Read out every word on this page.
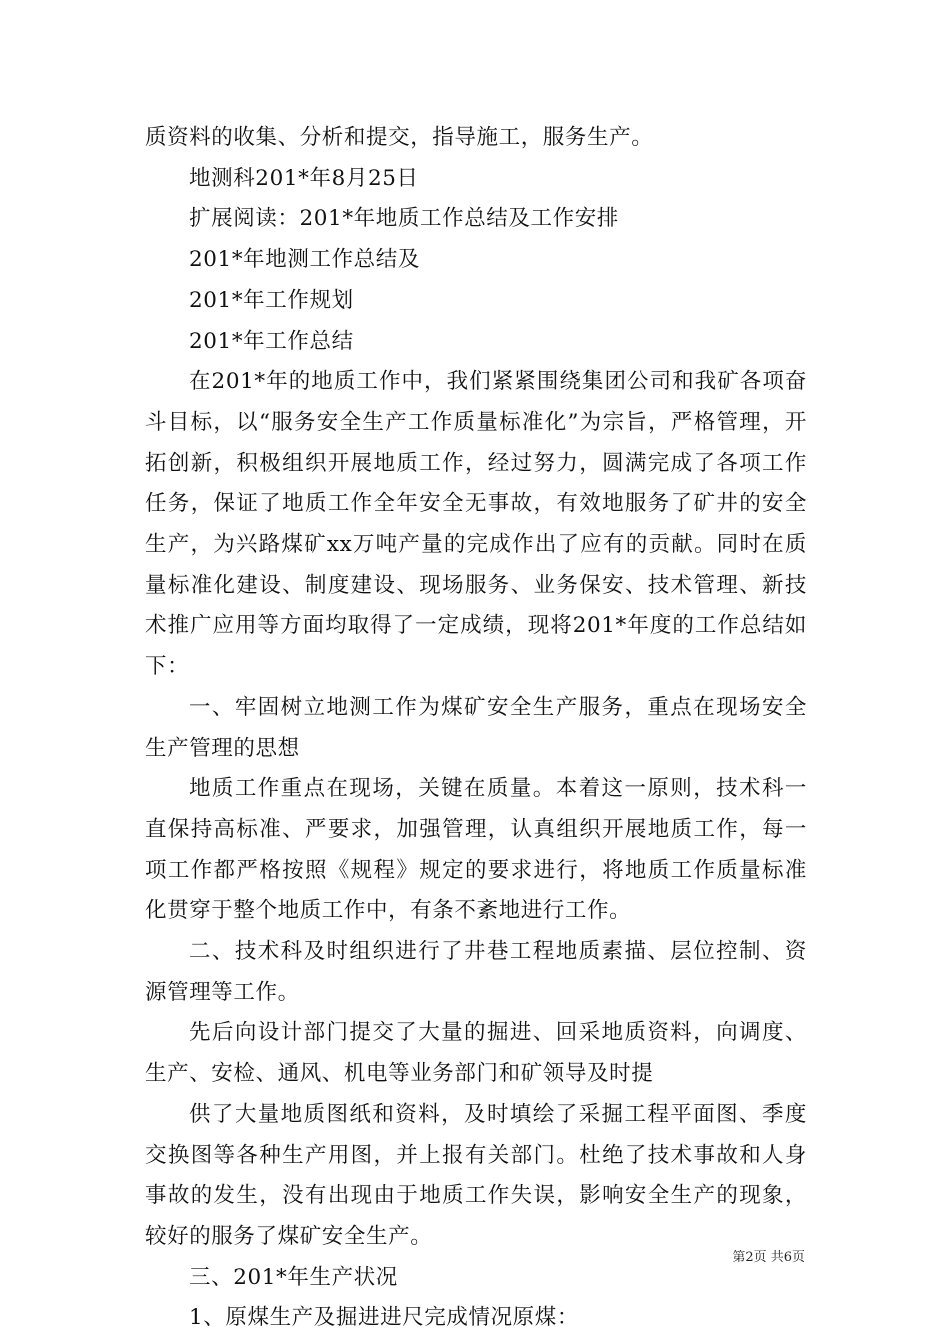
质资料的收集、分析和提交，指导施工，服务生产。

地测科201*年8月25日

扩展阅读：201*年地质工作总结及工作安排

201*年地测工作总结及

201*年工作规划

201*年工作总结

在201*年的地质工作中，我们紧紧围绕集团公司和我矿各项奋斗目标，以“服务安全生产工作质量标准化”为宗旨，严格管理，开拓创新，积极组织开展地质工作，经过努力，圆满完成了各项工作任务，保证了地质工作全年安全无事故，有效地服务了矿井的安全生产，为兴路煤矿xx万吨产量的完成作出了应有的贡献。同时在质量标准化建设、制度建设、现场服务、业务保安、技术管理、新技术推广应用等方面均取得了一定成绩，现将201*年度的工作总结如下：

一、牢固树立地测工作为煤矿安全生产服务，重点在现场安全生产管理的思想

地质工作重点在现场，关键在质量。本着这一原则，技术科一直保持高标准、严要求，加强管理，认真组织开展地质工作，每一项工作都严格按照《规程》规定的要求进行，将地质工作质量标准化贯穿于整个地质工作中，有条不紊地进行工作。

二、技术科及时组织进行了井巷工程地质素描、层位控制、资源管理等工作。

先后向设计部门提交了大量的掘进、回采地质资料，向调度、生产、安检、通风、机电等业务部门和矿领导及时提

供了大量地质图纸和资料，及时填绘了采掘工程平面图、季度交换图等各种生产用图，并上报有关部门。杜绝了技术事故和人身事故的发生，没有出现由于地质工作失误，影响安全生产的现象，较好的服务了煤矿安全生产。

三、201*年生产状况

1、原煤生产及掘进进尺完成情况原煤：

第2页 共6页
